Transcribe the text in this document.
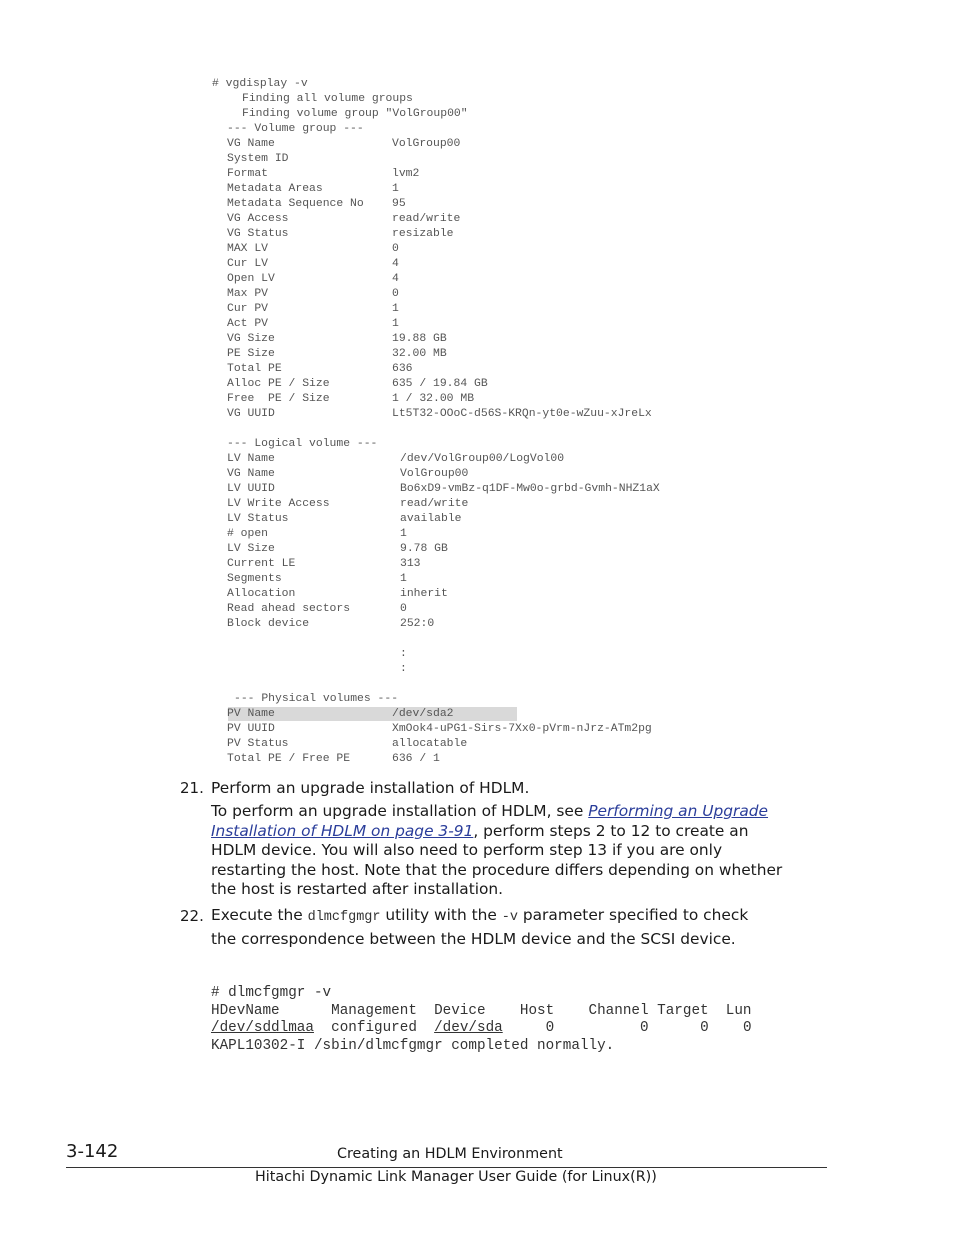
# vgdisplay -v
Finding all volume groups
Finding volume group "VolGroup00"
--- Volume group ---
VG Name	VolGroup00
System ID
Format	lvm2
Metadata Areas	1
Metadata Sequence No 95
VG Access	read/write
VG Status	resizable
MAX LV	0
Cur LV	4
Open LV	4
Max PV	0
Cur PV	1
Act PV	1
VG Size	19.88 GB
PE Size	32.00 MB
Total PE	636
Alloc PE / Size	635 / 19.84 GB
Free  PE / Size	1 / 32.00 MB
VG UUID	Lt5T32-OOoC-d56S-KRQn-yt0e-wZuu-xJreLx
--- Logical volume ---
LV Name	/dev/VolGroup00/LogVol00
VG Name	VolGroup00
LV UUID	Bo6xD9-vmBz-q1DF-Mw0o-grbd-Gvmh-NHZ1aX
LV Write Access	read/write
LV Status	available
# open	1
LV Size	9.78 GB
Current LE	313
Segments	1
Allocation	inherit
Read ahead sectors	0
Block device	252:0
:
:
--- Physical volumes ---
PV Name	/dev/sda2
PV UUID	XmOok4-uPG1-Sirs-7Xx0-pVrm-nJrz-ATm2pg
PV Status	allocatable
Total PE / Free PE	636 / 1
21. Perform an upgrade installation of HDLM.
To perform an upgrade installation of HDLM, see Performing an Upgrade
Installation of HDLM on page 3-91, perform steps 2 to 12 to create an
HDLM device. You will also need to perform step 13 if you are only
restarting the host. Note that the procedure differs depending on whether
the host is restarted after installation.
22. Execute the dlmcfgmgr utility with the -v parameter specified to check
the correspondence between the HDLM device and the SCSI device.

# dlmcfgmgr -v
HDevName      Management  Device    Host    Channel Target  Lun
/dev/sddlmaa  configured  /dev/sda     0          0      0    0
KAPL10302-I /sbin/dlmcfgmgr completed normally.

3-142	Creating an HDLM Environment
Hitachi Dynamic Link Manager User Guide (for Linux(R))
